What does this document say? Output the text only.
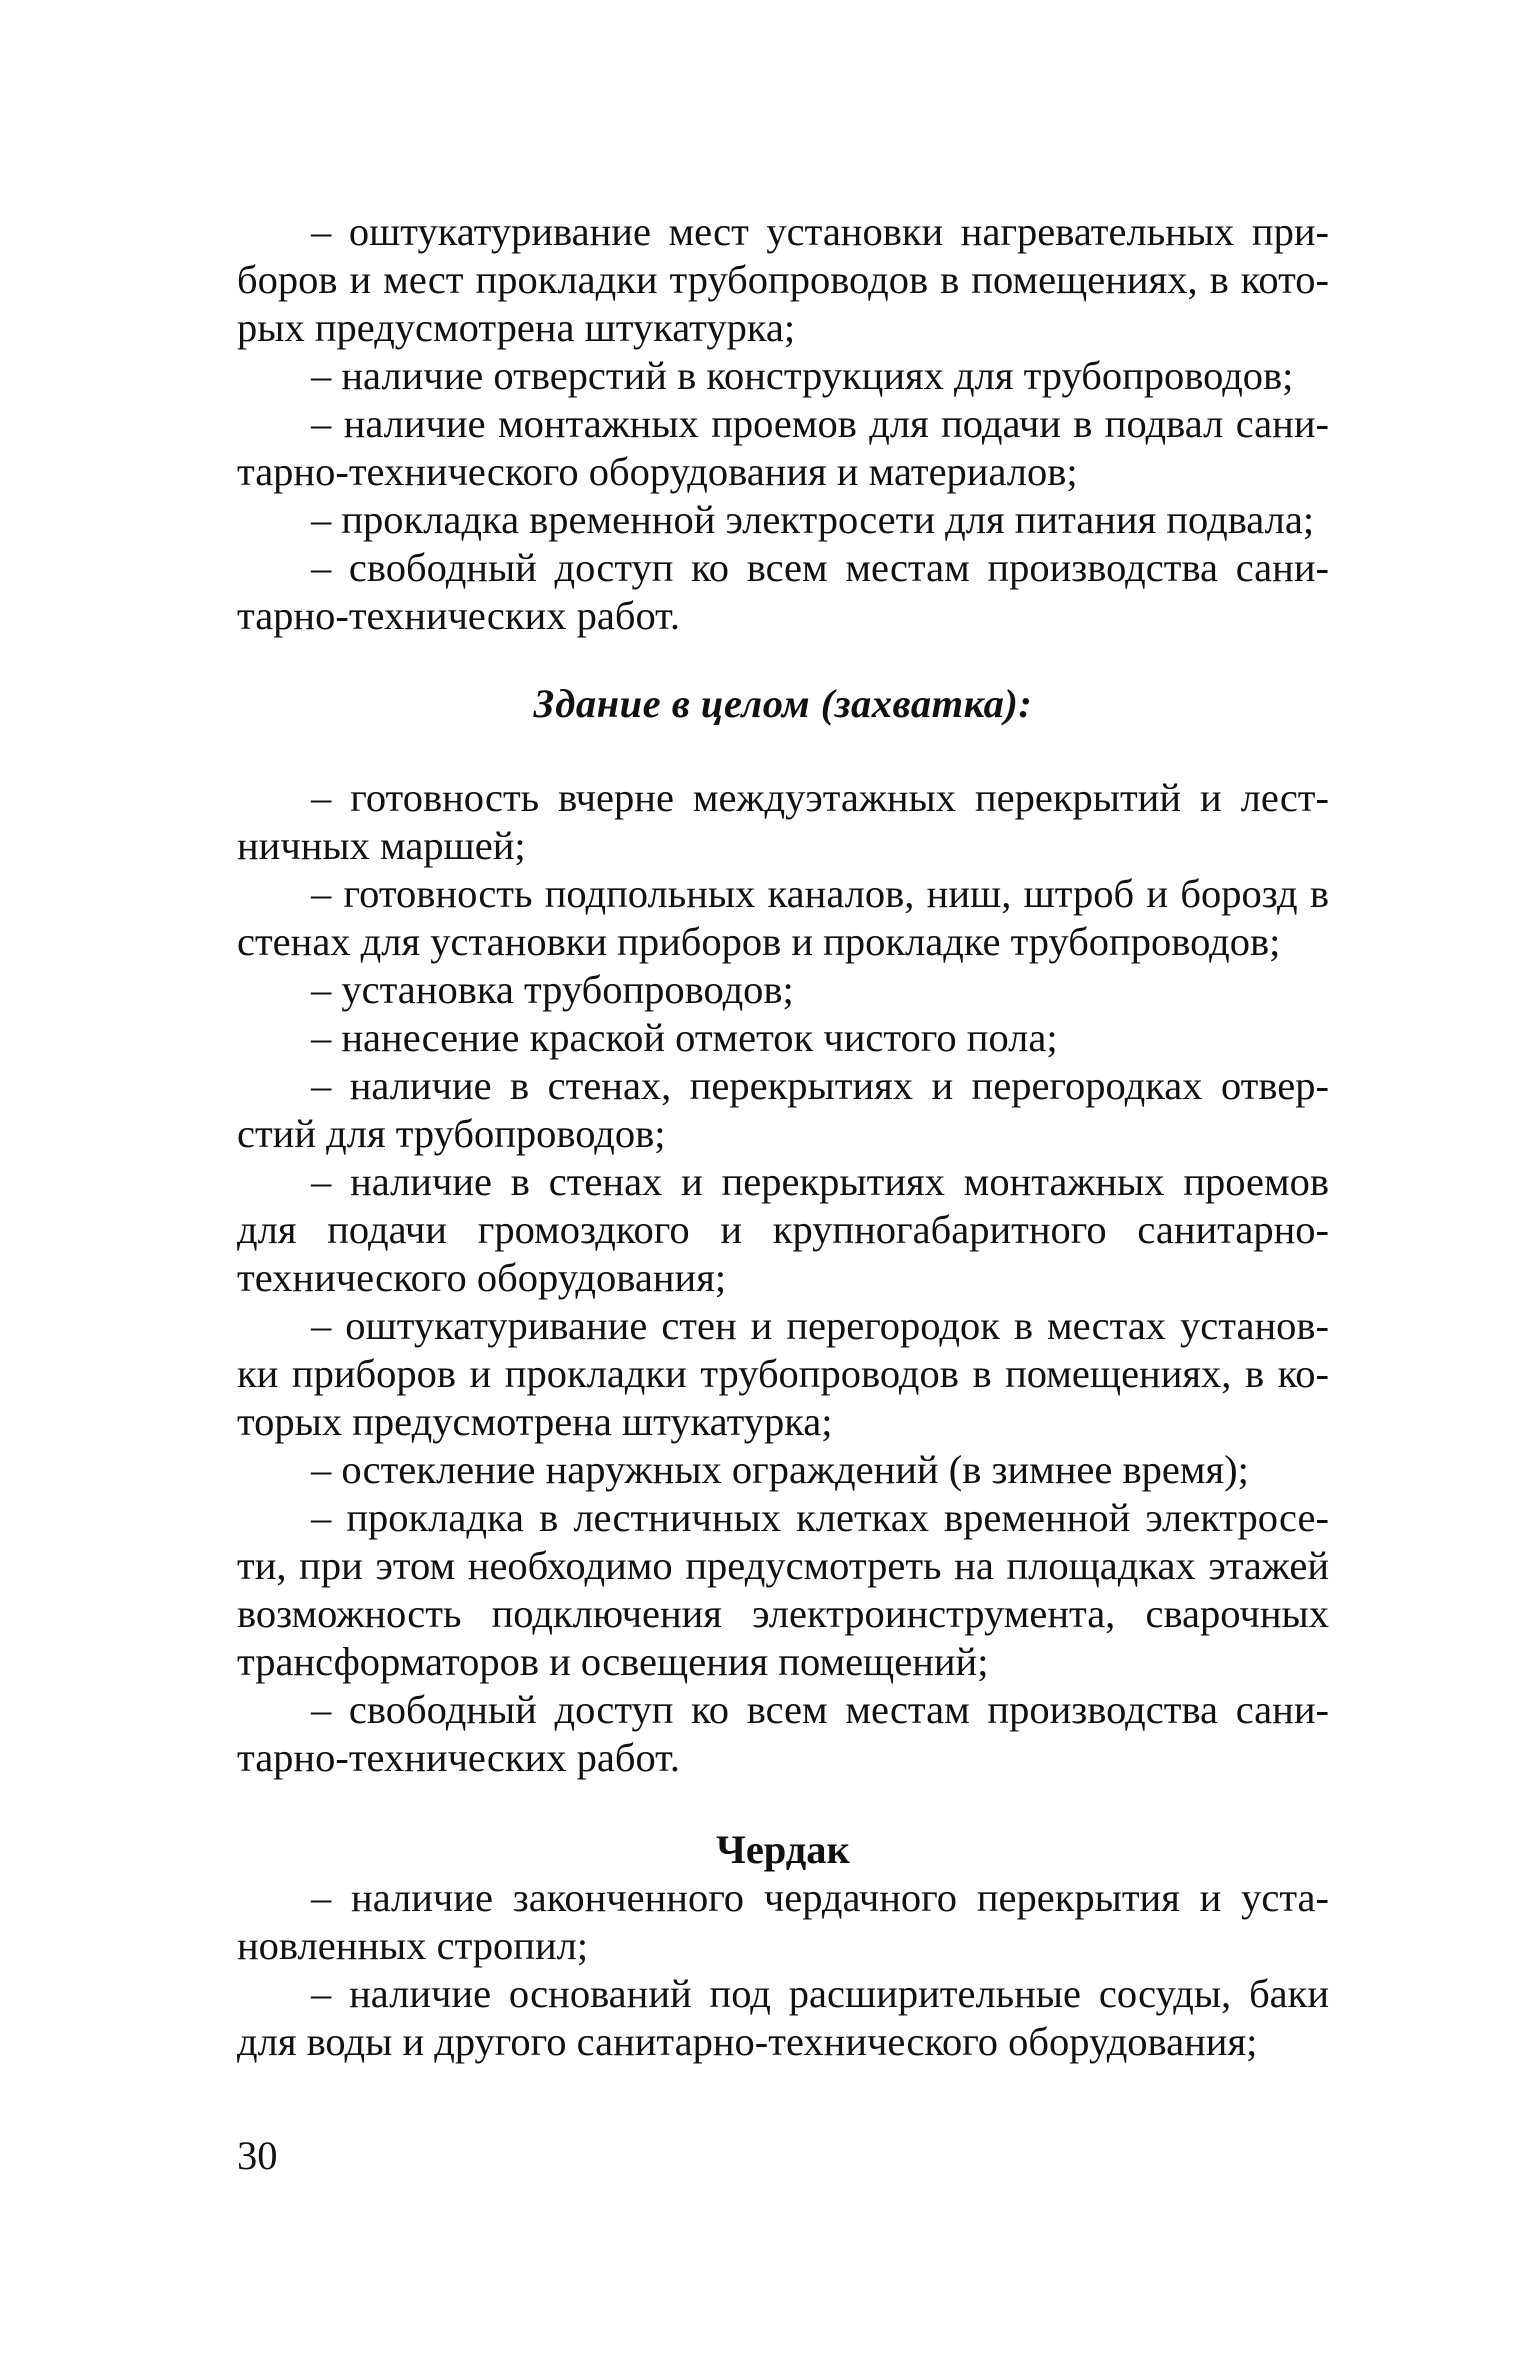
– оштукатуривание мест установки нагревательных приборов и мест прокладки трубопроводов в помещениях, в которых предусмотрена штукатурка;

– наличие отверстий в конструкциях для трубопроводов;

– наличие монтажных проемов для подачи в подвал санитарно-технического оборудования и материалов;

– прокладка временной электросети для питания подвала;

– свободный доступ ко всем местам производства санитарно-технических работ.

Здание в целом (захватка):

– готовность вчерне междуэтажных перекрытий и лестничных маршей;

– готовность подпольных каналов, ниш, штроб и борозд в стенах для установки приборов и прокладке трубопроводов;

– установка трубопроводов;

– нанесение краской отметок чистого пола;

– наличие в стенах, перекрытиях и перегородках отверстий для трубопроводов;

– наличие в стенах и перекрытиях монтажных проемов для подачи громоздкого и крупногабаритного санитарно-технического оборудования;

– оштукатуривание стен и перегородок в местах установки приборов и прокладки трубопроводов в помещениях, в которых предусмотрена штукатурка;

– остекление наружных ограждений (в зимнее время);

– прокладка в лестничных клетках временной электросети, при этом необходимо предусмотреть на площадках этажей возможность подключения электроинструмента, сварочных трансформаторов и освещения помещений;

– свободный доступ ко всем местам производства санитарно-технических работ.

Чердак

– наличие законченного чердачного перекрытия и установленных стропил;

– наличие оснований под расширительные сосуды, баки для воды и другого санитарно-технического оборудования;

30
